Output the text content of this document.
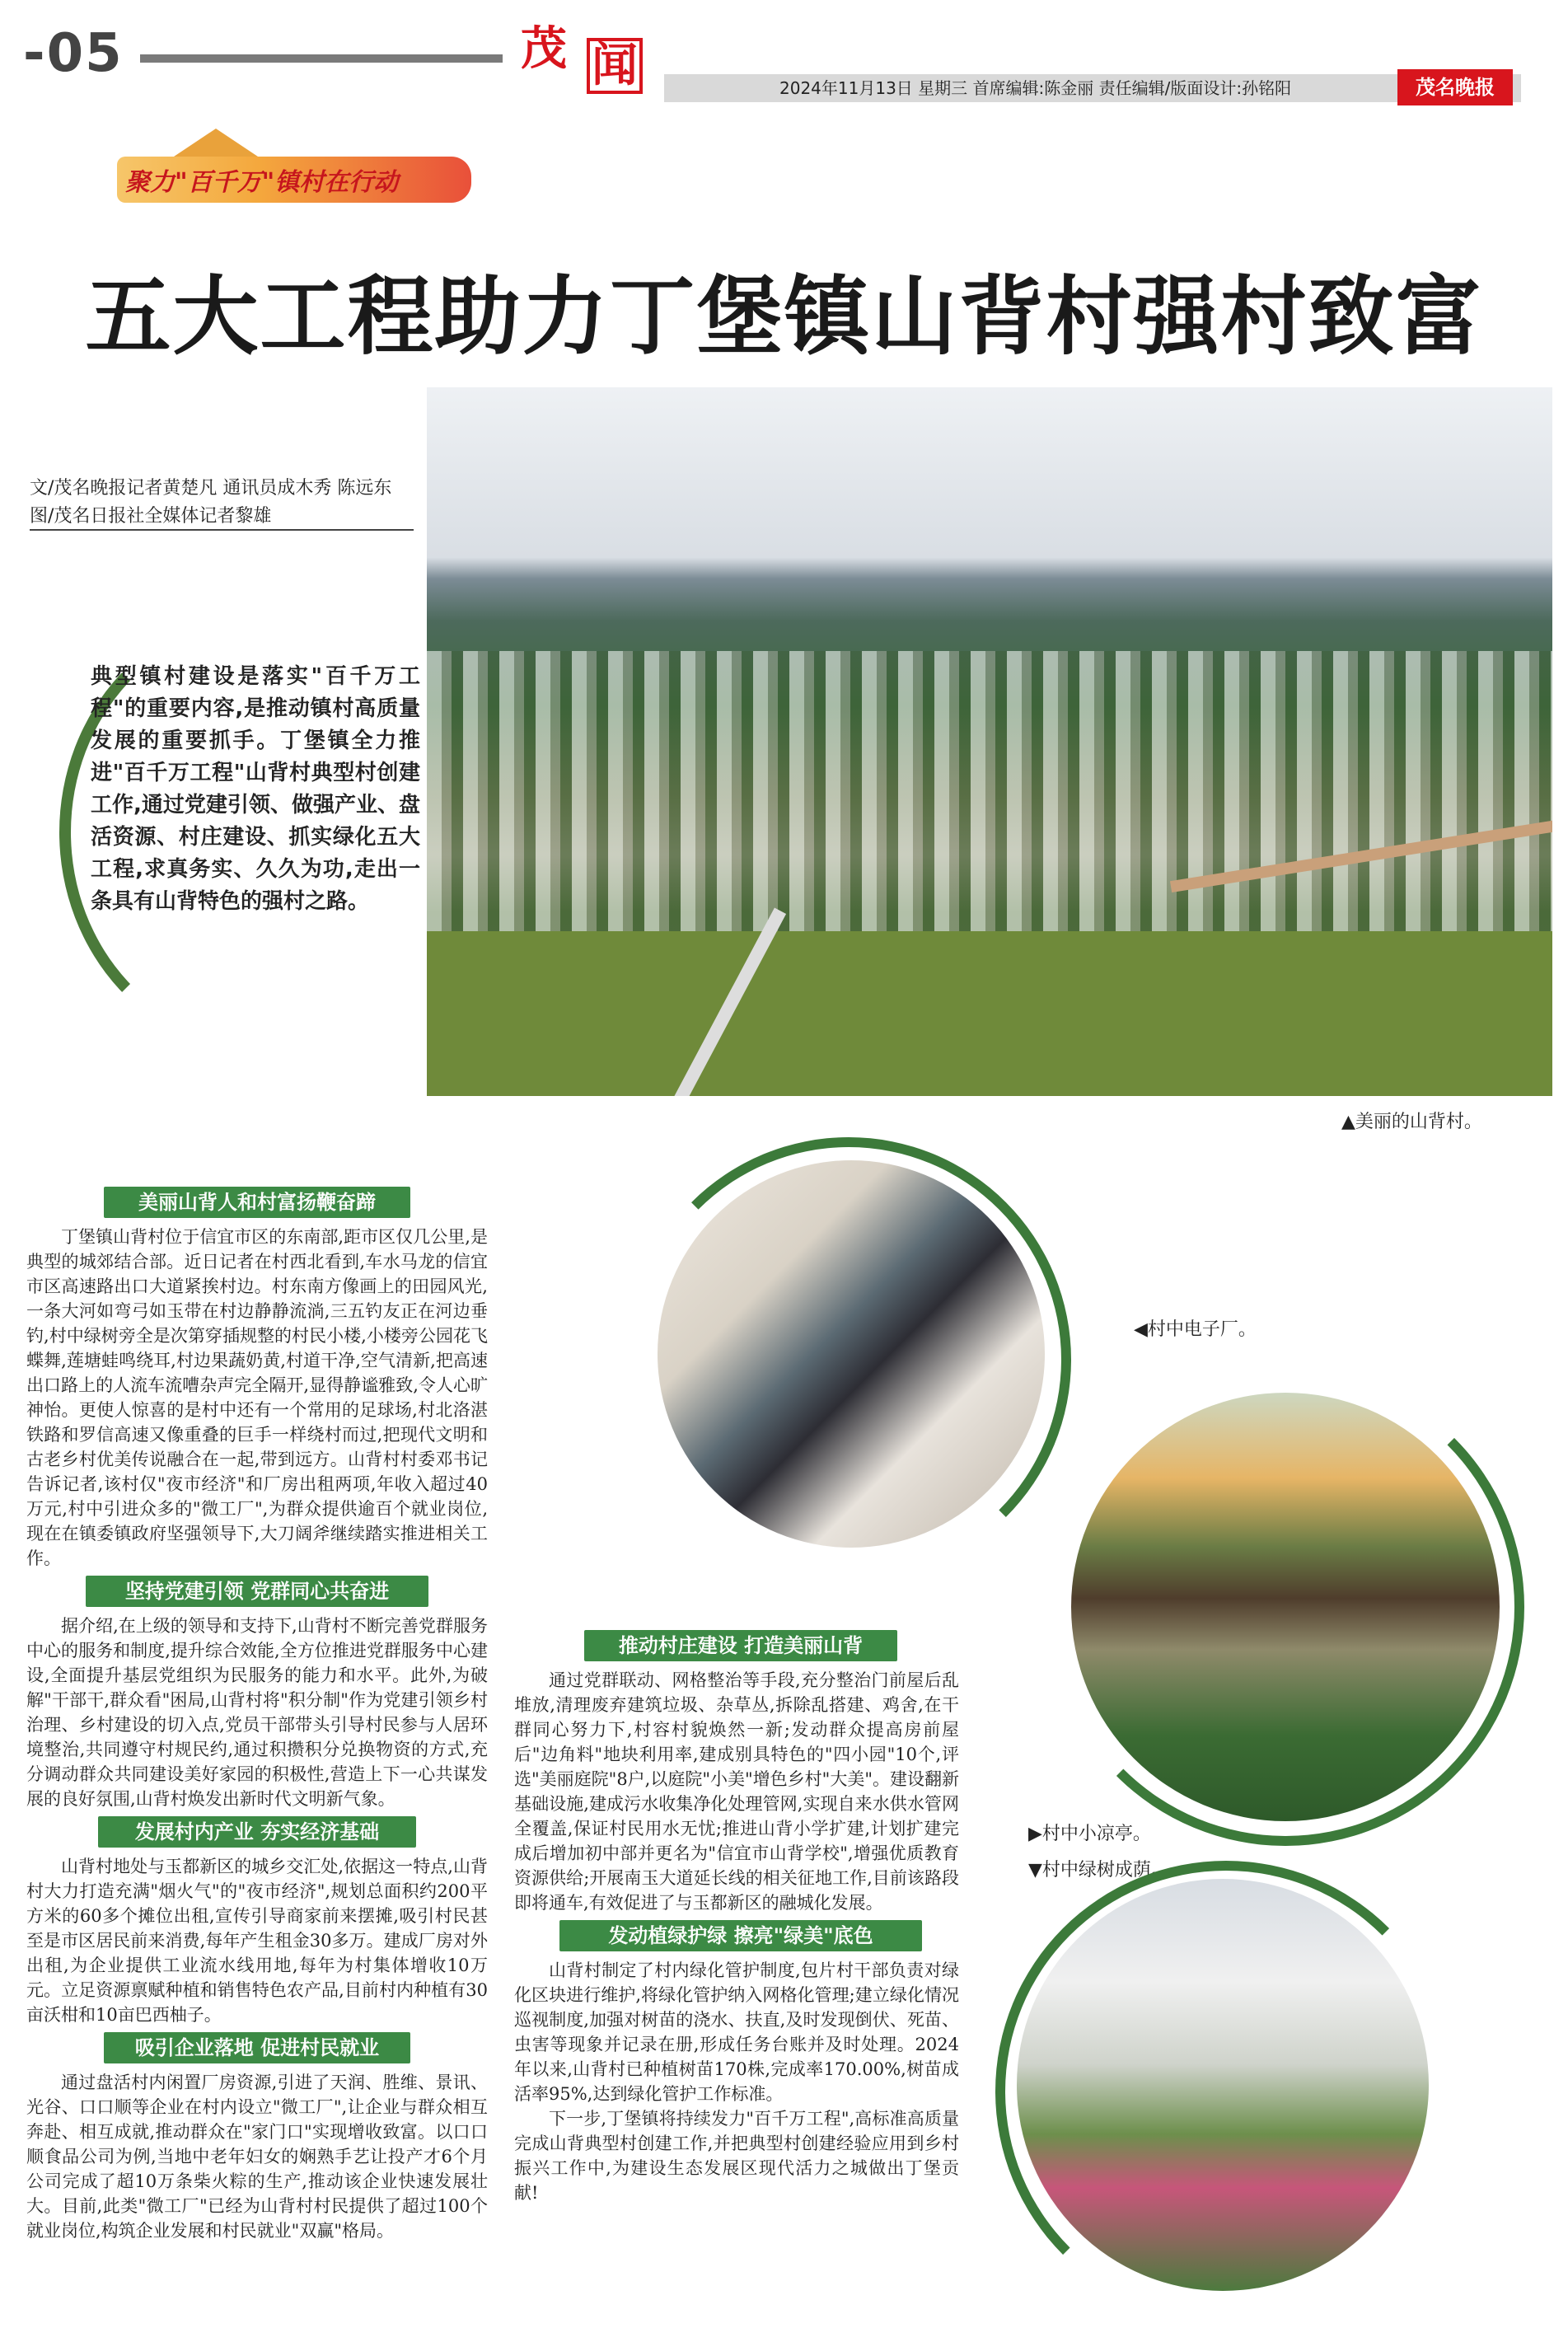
-05	茂 闻	2024年11月13日 星期三 首席编辑:陈金丽 责任编辑/版面设计:孙铭阳	茂名晚报
聚力"百千万"镇村在行动
五大工程助力丁堡镇山背村强村致富
文/茂名晚报记者黄楚凡 通讯员成木秀 陈远东
图/茂名日报社全媒体记者黎雄
典型镇村建设是落实"百千万工程"的重要内容,是推动镇村高质量发展的重要抓手。丁堡镇全力推进"百千万工程"山背村典型村创建工作,通过党建引领、做强产业、盘活资源、村庄建设、抓实绿化五大工程,求真务实、久久为功,走出一条具有山背特色的强村之路。
▲美丽的山背村。
美丽山背人和村富扬鞭奋蹄

丁堡镇山背村位于信宜市区的东南部,距市区仅几公里,是典型的城郊结合部。近日记者在村西北看到,车水马龙的信宜市区高速路出口大道紧挨村边。村东南方像画上的田园风光,一条大河如弯弓如玉带在村边静静流淌,三五钓友正在河边垂钓,村中绿树旁全是次第穿插规整的村民小楼,小楼旁公园花飞蝶舞,莲塘蛙鸣绕耳,村边果蔬奶黄,村道干净,空气清新,把高速出口路上的人流车流嘈杂声完全隔开,显得静谧雅致,令人心旷神怡。更使人惊喜的是村中还有一个常用的足球场,村北洛湛铁路和罗信高速又像重叠的巨手一样绕村而过,把现代文明和古老乡村优美传说融合在一起,带到远方。山背村村委邓书记告诉记者,该村仅"夜市经济"和厂房出租两项,年收入超过40万元,村中引进众多的"微工厂",为群众提供逾百个就业岗位,现在在镇委镇政府坚强领导下,大刀阔斧继续踏实推进相关工作。

坚持党建引领 党群同心共奋进

据介绍,在上级的领导和支持下,山背村不断完善党群服务中心的服务和制度,提升综合效能,全方位推进党群服务中心建设,全面提升基层党组织为民服务的能力和水平。此外,为破解"干部干,群众看"困局,山背村将"积分制"作为党建引领乡村治理、乡村建设的切入点,党员干部带头引导村民参与人居环境整治,共同遵守村规民约,通过积攒积分兑换物资的方式,充分调动群众共同建设美好家园的积极性,营造上下一心共谋发展的良好氛围,山背村焕发出新时代文明新气象。

发展村内产业 夯实经济基础

山背村地处与玉都新区的城乡交汇处,依据这一特点,山背村大力打造充满"烟火气"的"夜市经济",规划总面积约200平方米的60多个摊位出租,宣传引导商家前来摆摊,吸引村民甚至是市区居民前来消费,每年产生租金30多万。建成厂房对外出租,为企业提供工业流水线用地,每年为村集体增收10万元。立足资源禀赋种植和销售特色农产品,目前村内种植有30亩沃柑和10亩巴西柚子。

吸引企业落地 促进村民就业

通过盘活村内闲置厂房资源,引进了天润、胜维、景讯、光谷、口口顺等企业在村内设立"微工厂",让企业与群众相互奔赴、相互成就,推动群众在"家门口"实现增收致富。以口口顺食品公司为例,当地中老年妇女的娴熟手艺让投产才6个月公司完成了超10万条柴火粽的生产,推动该企业快速发展壮大。目前,此类"微工厂"已经为山背村村民提供了超过100个就业岗位,构筑企业发展和村民就业"双赢"格局。

◀村中电子厂。
▶村中小凉亭。
▼村中绿树成荫。
推动村庄建设 打造美丽山背

通过党群联动、网格整治等手段,充分整治门前屋后乱堆放,清理废弃建筑垃圾、杂草丛,拆除乱搭建、鸡舍,在干群同心努力下,村容村貌焕然一新;发动群众提高房前屋后"边角料"地块利用率,建成别具特色的"四小园"10个,评选"美丽庭院"8户,以庭院"小美"增色乡村"大美"。建设翻新基础设施,建成污水收集净化处理管网,实现自来水供水管网全覆盖,保证村民用水无忧;推进山背小学扩建,计划扩建完成后增加初中部并更名为"信宜市山背学校",增强优质教育资源供给;开展南玉大道延长线的相关征地工作,目前该路段即将通车,有效促进了与玉都新区的融城化发展。

发动植绿护绿 擦亮"绿美"底色

山背村制定了村内绿化管护制度,包片村干部负责对绿化区块进行维护,将绿化管护纳入网格化管理;建立绿化情况巡视制度,加强对树苗的浇水、扶直,及时发现倒伏、死苗、虫害等现象并记录在册,形成任务台账并及时处理。2024年以来,山背村已种植树苗170株,完成率170.00%,树苗成活率95%,达到绿化管护工作标准。

下一步,丁堡镇将持续发力"百千万工程",高标准高质量完成山背典型村创建工作,并把典型村创建经验应用到乡村振兴工作中,为建设生态发展区现代活力之城做出丁堡贡献!
